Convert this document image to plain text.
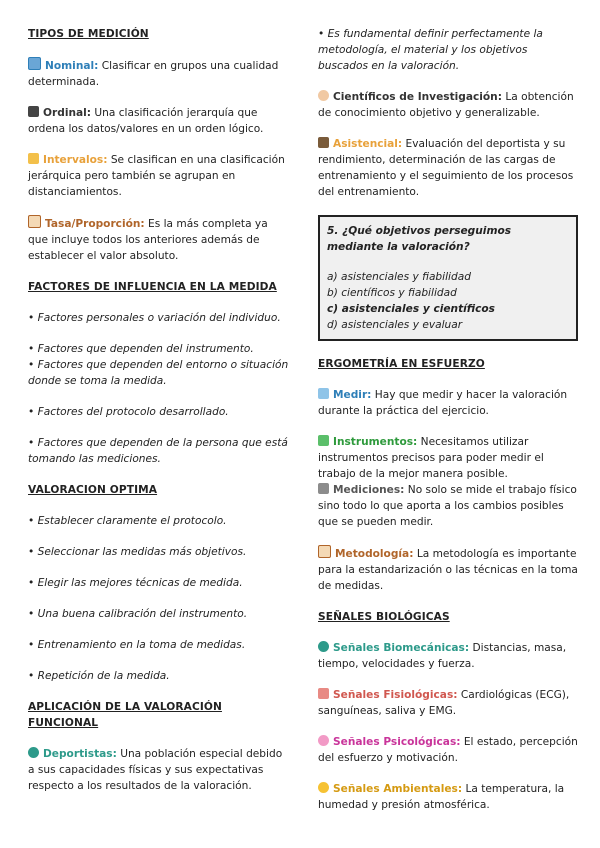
TIPOS DE MEDICIÓN
Nominal: Clasificar en grupos una cualidad determinada.
Ordinal: Una clasificación jerarquía que ordena los datos/valores en un orden lógico.
Intervalos: Se clasifican en una clasificación jerárquica pero también se agrupan en distanciamientos.
Tasa/Proporción: Es la más completa ya que incluye todos los anteriores además de establecer el valor absoluto.
FACTORES DE INFLUENCIA EN LA MEDIDA
• Factores personales o variación del individuo.
• Factores que dependen del instrumento.
• Factores que dependen del entorno o situación donde se toma la medida.
• Factores del protocolo desarrollado.
• Factores que dependen de la persona que está tomando las mediciones.
VALORACION OPTIMA
• Establecer claramente el protocolo.
• Seleccionar las medidas más objetivos.
• Elegir las mejores técnicas de medida.
• Una buena calibración del instrumento.
• Entrenamiento en la toma de medidas.
• Repetición de la medida.
APLICACIÓN DE LA VALORACIÓN FUNCIONAL
Deportistas: Una población especial debido a sus capacidades físicas y sus expectativas respecto a los resultados de la valoración.
• Es fundamental definir perfectamente la metodología, el material y los objetivos buscados en la valoración.
Científicos de Investigación: La obtención de conocimiento objetivo y generalizable.
Asistencial: Evaluación del deportista y su rendimiento, determinación de las cargas de entrenamiento y el seguimiento de los procesos del entrenamiento.
5. ¿Qué objetivos perseguimos mediante la valoración?
a) asistenciales y fiabilidad
b) científicos y fiabilidad
c) asistenciales y científicos
d) asistenciales y evaluar
ERGOMETRÍA EN ESFUERZO
Medir: Hay que medir y hacer la valoración durante la práctica del ejercicio.
Instrumentos: Necesitamos utilizar instrumentos precisos para poder medir el trabajo de la mejor manera posible.
Mediciones: No solo se mide el trabajo físico sino todo lo que aporta a los cambios posibles que se pueden medir.
Metodología: La metodología es importante para la estandarización o las técnicas en la toma de medidas.
SEÑALES BIOLÓGICAS
Señales Biomecánicas: Distancias, masa, tiempo, velocidades y fuerza.
Señales Fisiológicas: Cardiológicas (ECG), sanguíneas, saliva y EMG.
Señales Psicológicas: El estado, percepción del esfuerzo y motivación.
Señales Ambientales: La temperatura, la humedad y presión atmosférica.
